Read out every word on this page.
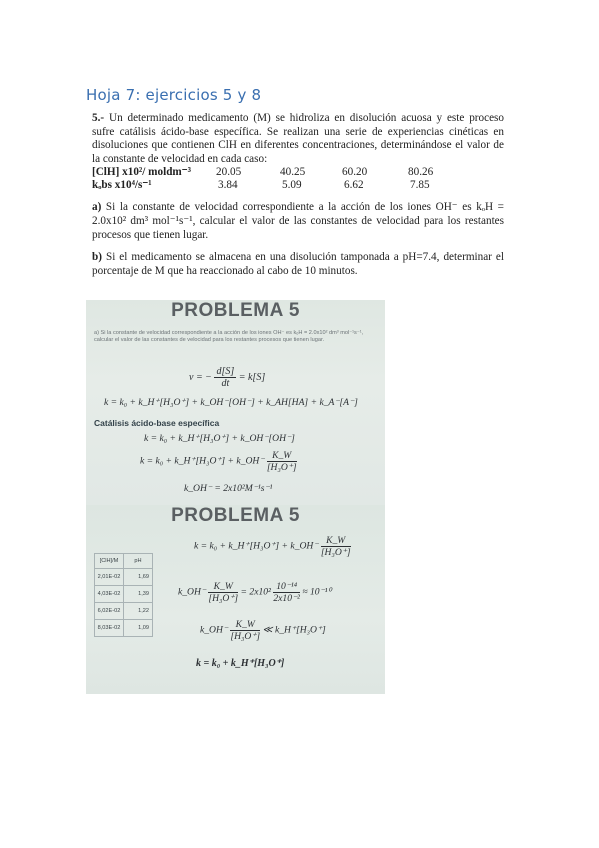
Hoja 7: ejercicios 5 y 8

5.- Un determinado medicamento (M) se hidroliza en disolución acuosa y este proceso sufre catálisis ácido-base específica. Se realizan una serie de experiencias cinéticas en disoluciones que contienen ClH en diferentes concentraciones, determinándose el valor de la constante de velocidad en cada caso:

[ClH] x10²/ moldm⁻³ 20.05	40.25	60.20	80.26
kₒbs x10⁴/s⁻¹	3.84	5.09	6.62	7.85

a) Si la constante de velocidad correspondiente a la acción de los iones OH⁻ es kₒH = 2.0x10² dm³ mol⁻¹s⁻¹, calcular el valor de las constantes de velocidad para los restantes procesos que tienen lugar.

b) Si el medicamento se almacena en una disolución tamponada a pH=7.4, determinar el porcentaje de M que ha reaccionado al cabo de 10 minutos.

PROBLEMA 5
a) Si la constante de velocidad correspondiente a la acción de los iones OH⁻ es kₒH = 2.0x10² dm³ mol⁻¹s⁻¹, calcular el valor de las constantes de velocidad para los restantes procesos que tienen lugar.
v = − $\frac{d[S]}{dt} = k[S]$
k = k₀ + k_H⁺[H₃O⁺] + k_OH⁻[OH⁻] + k_AH[HA] + k_A⁻[A⁻]
Catálisis ácido-base específica
k = k₀ + k_H⁺[H₃O⁺] + k_OH⁻[OH⁻]
k = k₀ + k_H⁺[H₃O⁺] + k_OH⁻ $\frac{K\_W}{\text{[H₃O⁺]}}$
k_OH⁻ = 2x10²M⁻¹s⁻¹
PROBLEMA 5
[ClH]/M	pH
2,01E-02	1,69
4,03E-02	1,39
6,02E-02	1,22
8,03E-02	1,09
k = k₀ + k_H⁺[H₃O⁺] + k_OH⁻ $\frac{K\_W}{\text{[H₃O⁺]}}$
k_OH⁻ $\frac{K\_W}{\text{[H₃O⁺]}} = 2x10^2 \frac{\text{10⁻¹⁴}}{\text{2x10⁻²}} \approx 10^{-10}$
k_OH⁻ $\frac{K\_W}{\text{[H₃O⁺]}}$ ≪ k_H⁺[H₃O⁺]
k = k₀ + k_H⁺[H₃O⁺]
